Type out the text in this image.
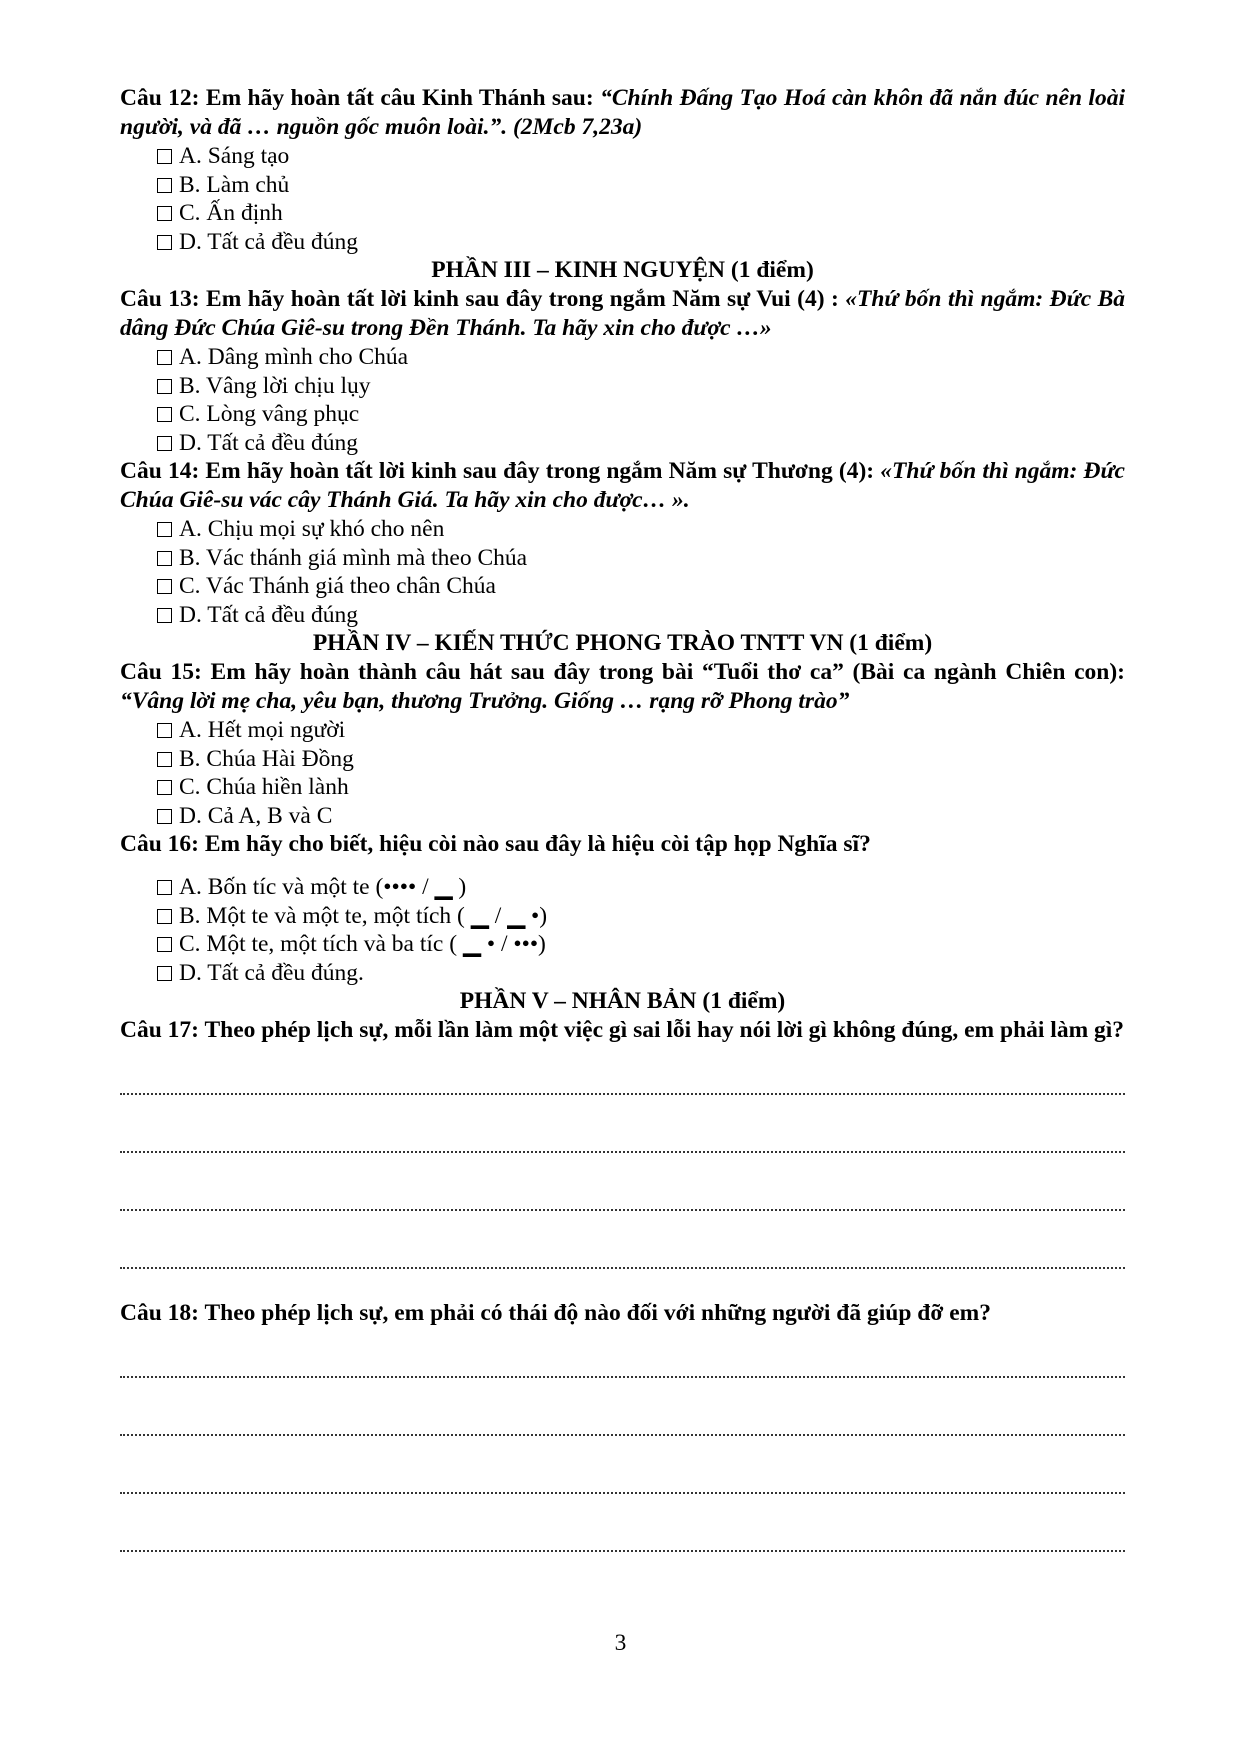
Câu 12: Em hãy hoàn tất câu Kinh Thánh sau: “Chính Đấng Tạo Hoá càn khôn đã nắn đúc nên loài người, và đã … nguồn gốc muôn loài.”. (2Mcb 7,23a)

A. Sáng tạo
B. Làm chủ
C. Ấn định
D. Tất cả đều đúng

PHẦN III – KINH NGUYỆN (1 điểm)

Câu 13: Em hãy hoàn tất lời kinh sau đây trong ngắm Năm sự Vui (4) : «Thứ bốn thì ngắm: Đức Bà dâng Đức Chúa Giê-su trong Đền Thánh. Ta hãy xin cho được …»

A. Dâng mình cho Chúa
B. Vâng lời chịu lụy
C. Lòng vâng phục
D. Tất cả đều đúng

Câu 14: Em hãy hoàn tất lời kinh sau đây trong ngắm Năm sự Thương (4): «Thứ bốn thì ngắm: Đức Chúa Giê-su vác cây Thánh Giá. Ta hãy xin cho được… ».

A. Chịu mọi sự khó cho nên
B. Vác thánh giá mình mà theo Chúa
C. Vác Thánh giá theo chân Chúa
D. Tất cả đều đúng

PHẦN IV – KIẾN THỨC PHONG TRÀO TNTT VN (1 điểm)

Câu 15: Em hãy hoàn thành câu hát sau đây trong bài “Tuổi thơ ca” (Bài ca ngành Chiên con): “Vâng lời mẹ cha, yêu bạn, thương Trưởng. Giống … rạng rỡ Phong trào”

A. Hết mọi người
B. Chúa Hài Đồng
C. Chúa hiền lành
D. Cả A, B và C

Câu 16: Em hãy cho biết, hiệu còi nào sau đây là hiệu còi tập họp Nghĩa sĩ?

A. Bốn tíc và một te (•••• / ▁ )
B. Một te và một te, một tích ( ▁ / ▁ •)
C. Một te, một tích và ba tíc ( ▁ • / •••)
D. Tất cả đều đúng.

PHẦN V – NHÂN BẢN (1 điểm)

Câu 17: Theo phép lịch sự, mỗi lần làm một việc gì sai lỗi hay nói lời gì không đúng, em phải làm gì?

Câu 18: Theo phép lịch sự, em phải có thái độ nào đối với những người đã giúp đỡ em?

3
